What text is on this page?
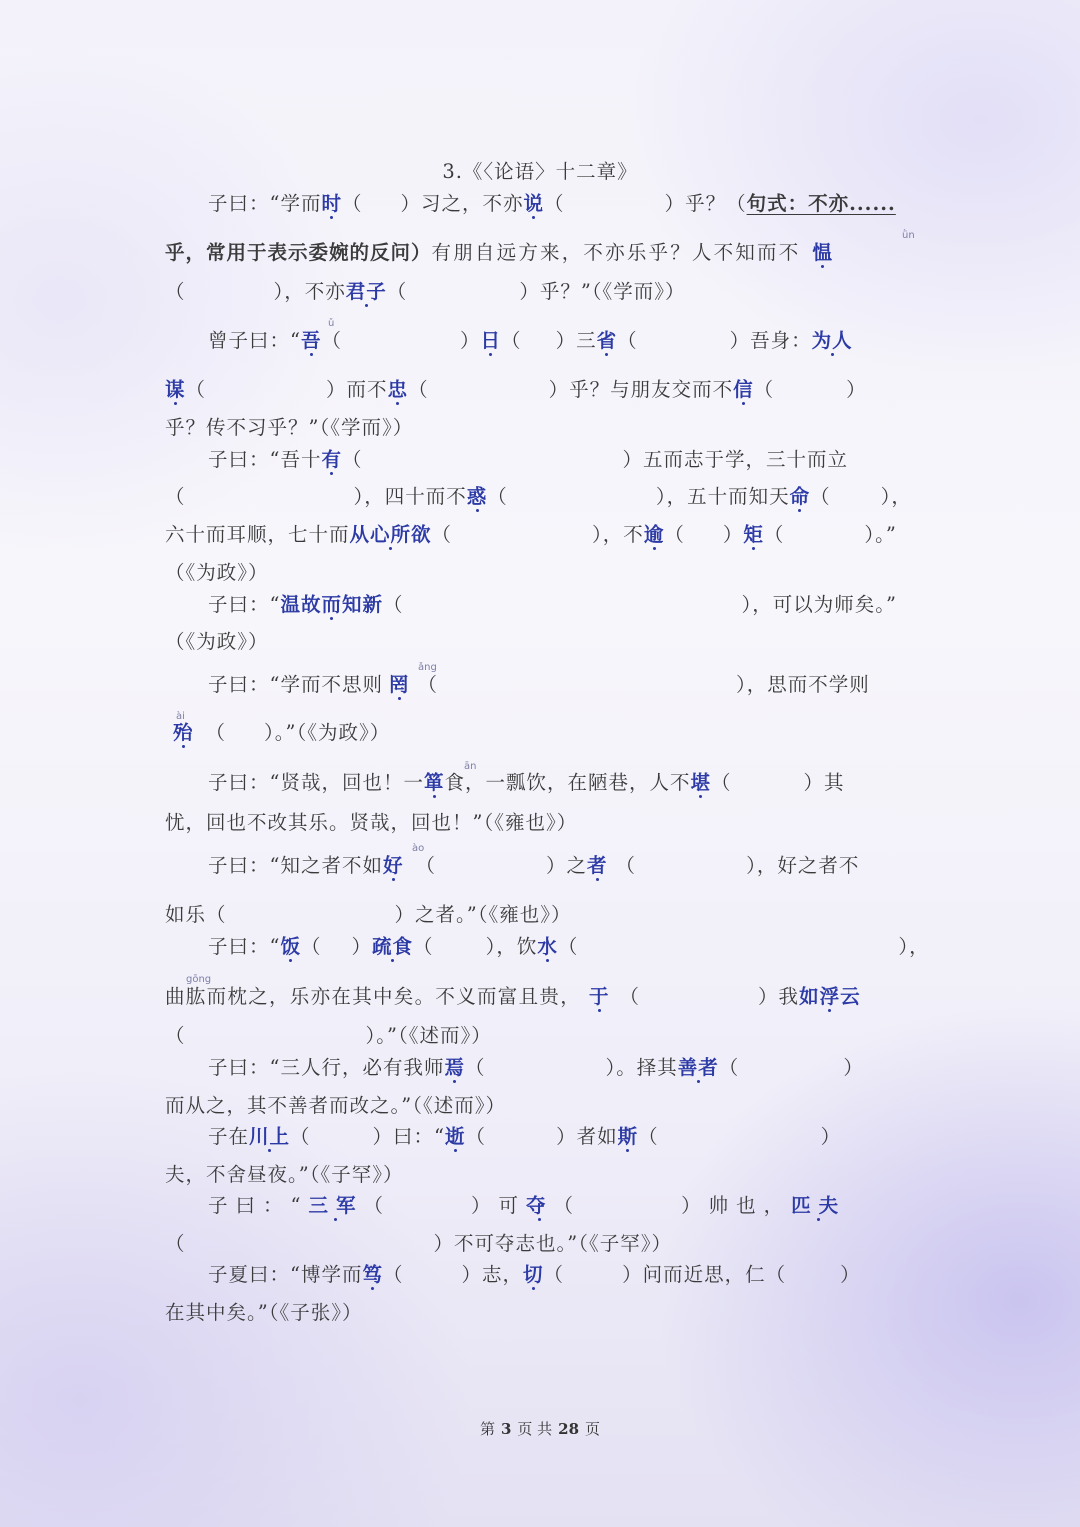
3.《〈论语〉十二章》
子曰：“学而时（ ）习之，不亦说（	）乎？（句式：不亦......
乎，常用于表示委婉的反问）有朋自远方来，不亦乐乎？人不知而不 愠
ǜn
（	），不亦君子（	）乎？”（《学而》）
曾子曰：“吾（	）日（ ）三省（	）吾身：为人
ǔ
谋（	）而不忠（	）乎？与朋友交而不信（	）
乎？传不习乎？”（《学而》）
子曰：“吾十有（	）五而志于学，三十而立
（	），四十而不惑（	），五十而知天命（	），
六十而耳顺，七十而从心所欲（	），不逾（ ）矩（	）。”
（《为政》）
子曰：“温故而知新（	），可以为师矣。”
（《为政》）
子曰：“学而不思则 罔 （	），思而不学则
ǎng
殆 （ ）。”（《为政》）
ài
子曰：“贤哉，回也！一箪食，一瓢饮，在陋巷，人不堪（	）其
ān
忧，回也不改其乐。贤哉，回也！”（《雍也》）
子曰：“知之者不如好 （	）之者 （	），好之者不
ào
如乐（	）之者。”（《雍也》）
子曰：“饭（ ）疏食（	），饮水（	），
曲肱而枕之，乐亦在其中矣。不义而富且贵， 于 （	）我如浮云
gōng
（	）。”（《述而》）
子曰：“三人行，必有我师焉（	）。择其善者（	）
而从之，其不善者而改之。”（《述而》）
子在川上（	）曰：“逝（	）者如斯（	）
夫，不舍昼夜。”（《子罕》）
子曰：“三军（	）可夺（	）帅也，匹夫
（	）不可夺志也。”（《子罕》）
子夏曰：“博学而笃（	）志，切（	）问而近思，仁（	）
在其中矣。”（《子张》）
第 3 页 共 28 页
